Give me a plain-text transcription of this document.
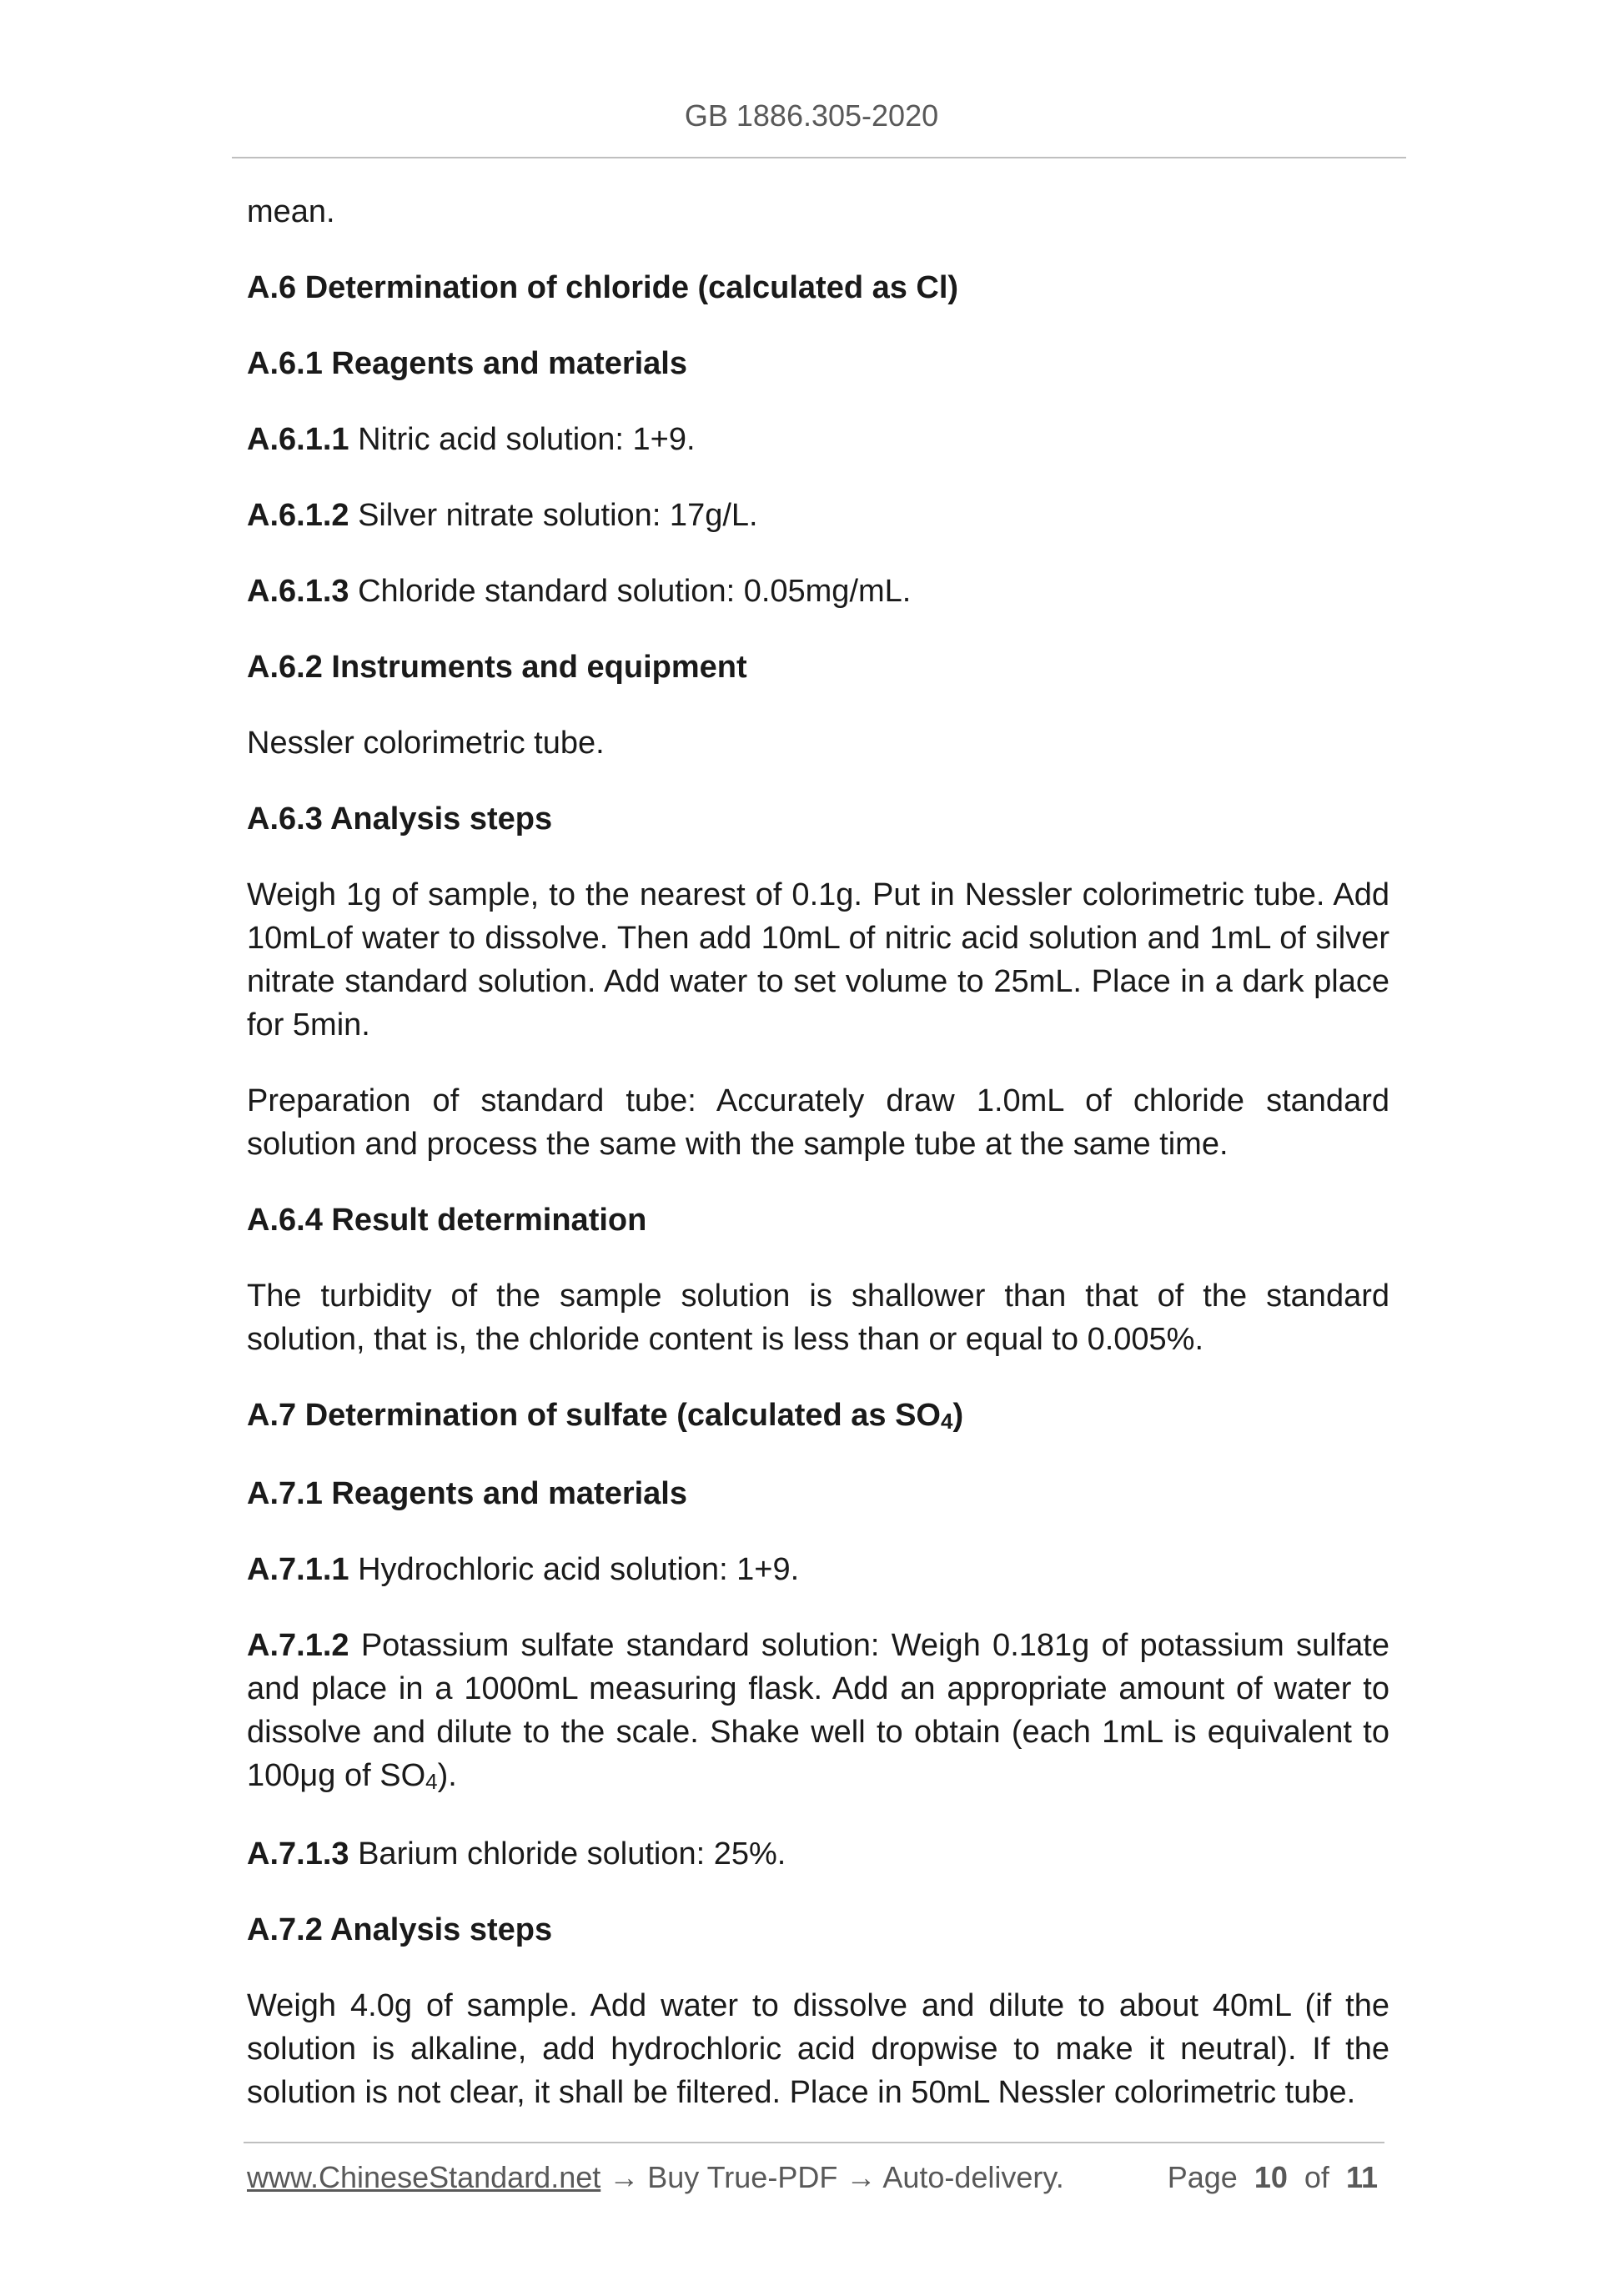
GB 1886.305-2020

mean.

A.6 Determination of chloride (calculated as Cl)
A.6.1 Reagents and materials

A.6.1.1 Nitric acid solution: 1+9.

A.6.1.2 Silver nitrate solution: 17g/L.

A.6.1.3 Chloride standard solution: 0.05mg/mL.

A.6.2 Instruments and equipment

Nessler colorimetric tube.

A.6.3 Analysis steps

Weigh 1g of sample, to the nearest of 0.1g. Put in Nessler colorimetric tube. Add 10mLof water to dissolve. Then add 10mL of nitric acid solution and 1mL of silver nitrate standard solution. Add water to set volume to 25mL. Place in a dark place for 5min.

Preparation of standard tube: Accurately draw 1.0mL of chloride standard solution and process the same with the sample tube at the same time.

A.6.4 Result determination

The turbidity of the sample solution is shallower than that of the standard solution, that is, the chloride content is less than or equal to 0.005%.

A.7 Determination of sulfate (calculated as $SO_4$)
A.7.1 Reagents and materials

A.7.1.1 Hydrochloric acid solution: 1+9.

A.7.1.2 Potassium sulfate standard solution: Weigh 0.181g of potassium sulfate and place in a 1000mL measuring flask. Add an appropriate amount of water to dissolve and dilute to the scale. Shake well to obtain (each 1mL is equivalent to 100μg of $SO_4$).

A.7.1.3 Barium chloride solution: 25%.

A.7.2 Analysis steps

Weigh 4.0g of sample. Add water to dissolve and dilute to about 40mL (if the solution is alkaline, add hydrochloric acid dropwise to make it neutral). If the solution is not clear, it shall be filtered. Place in 50mL Nessler colorimetric tube.

www.ChineseStandard.net → Buy True-PDF → Auto-delivery.	Page 10 of 11
